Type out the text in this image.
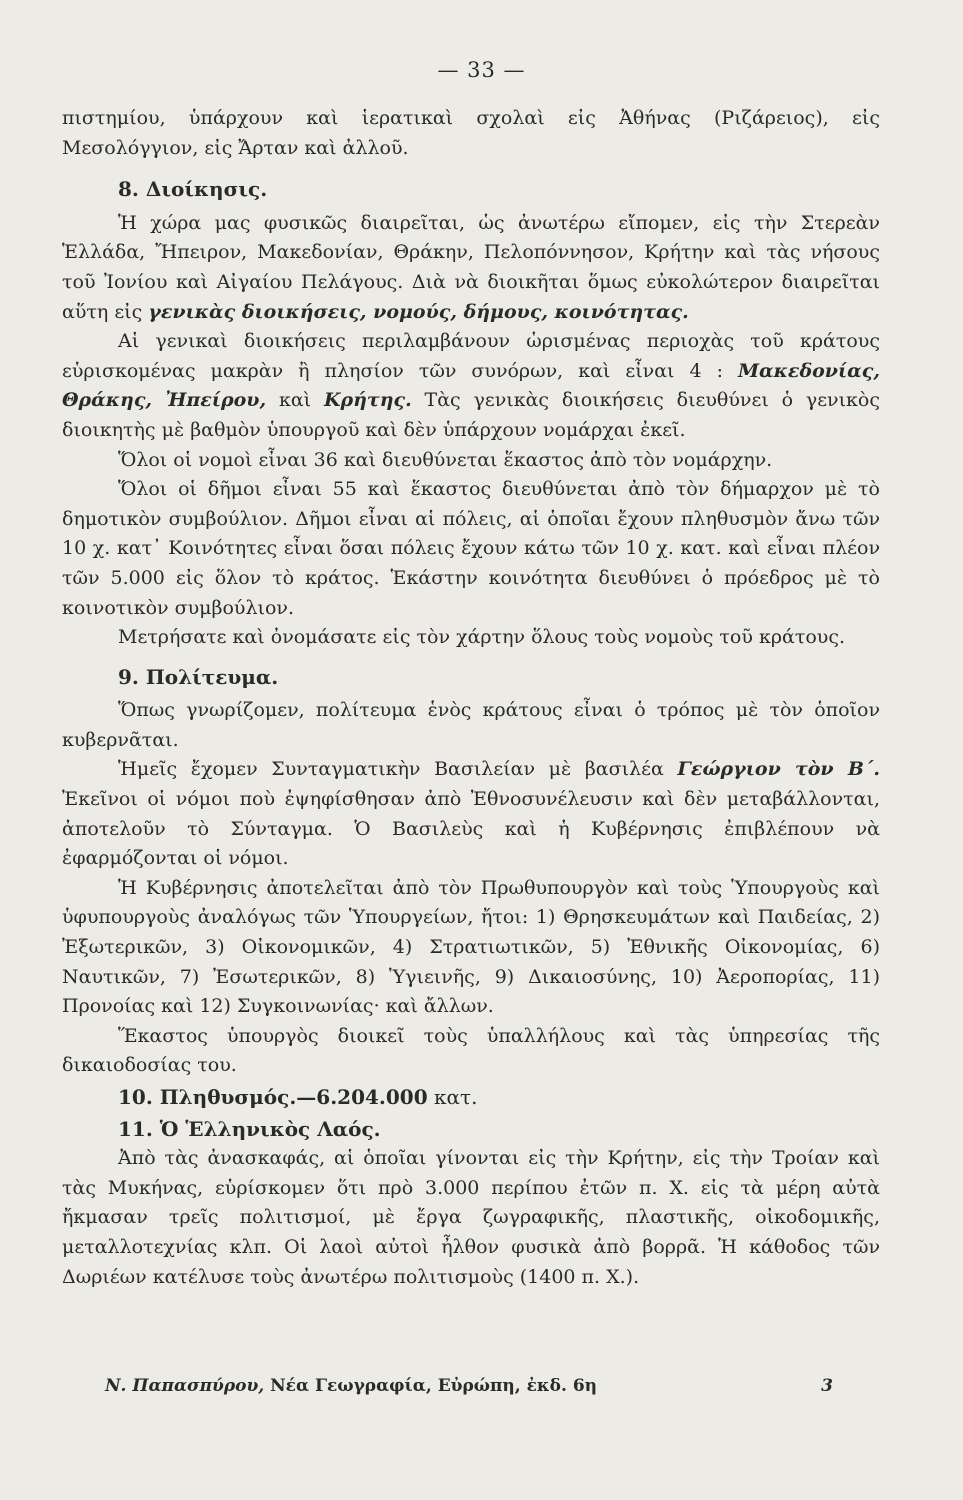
— 33 —

πιστημίου, ὑπάρχουν καὶ ἱερατικαὶ σχολαὶ εἰς Ἀθήνας (Ριζάρειος), εἰς Μεσολόγγιον, εἰς Ἄρταν καὶ ἀλλοῦ.

8. Διοίκησις.

Ἡ χώρα μας φυσικῶς διαιρεῖται, ὡς ἀνωτέρω εἴπομεν, εἰς τὴν Στερεὰν Ἑλλάδα, Ἤπειρον, Μακεδονίαν, Θράκην, Πελοπόννησον, Κρήτην καὶ τὰς νήσους τοῦ Ἰονίου καὶ Αἰγαίου Πελάγους. Διὰ νὰ διοικῆται ὅμως εὐκολώτερον διαιρεῖται αὕτη εἰς γενικὰς διοικήσεις, νομούς, δήμους, κοινότητας.

Αἱ γενικαὶ διοικήσεις περιλαμβάνουν ὡρισμένας περιοχὰς τοῦ κράτους εὑρισκομένας μακρὰν ἢ πλησίον τῶν συνόρων, καὶ εἶναι 4 : Μακεδονίας, Θράκης, Ἠπείρου, καὶ Κρήτης. Τὰς γενικὰς διοικήσεις διευθύνει ὁ γενικὸς διοικητὴς μὲ βαθμὸν ὑπουργοῦ καὶ δὲν ὑπάρχουν νομάρχαι ἐκεῖ.

Ὅλοι οἱ νομοὶ εἶναι 36 καὶ διευθύνεται ἕκαστος ἀπὸ τὸν νομάρχην.

Ὅλοι οἱ δῆμοι εἶναι 55 καὶ ἕκαστος διευθύνεται ἀπὸ τὸν δήμαρχον μὲ τὸ δημοτικὸν συμβούλιον. Δῆμοι εἶναι αἱ πόλεις, αἱ ὁποῖαι ἔχουν πληθυσμὸν ἄνω τῶν 10 χ. κατ᾽ Κοινότητες εἶναι ὅσαι πόλεις ἔχουν κάτω τῶν 10 χ. κατ. καὶ εἶναι πλέον τῶν 5.000 εἰς ὅλον τὸ κράτος. Ἑκάστην κοινότητα διευθύνει ὁ πρόεδρος μὲ τὸ κοινοτικὸν συμβούλιον.

Μετρήσατε καὶ ὀνομάσατε εἰς τὸν χάρτην ὅλους τοὺς νομοὺς τοῦ κράτους.

9. Πολίτευμα.

Ὅπως γνωρίζομεν, πολίτευμα ἑνὸς κράτους εἶναι ὁ τρόπος μὲ τὸν ὁποῖον κυβερνᾶται.

Ἡμεῖς ἔχομεν Συνταγματικὴν Βασιλείαν μὲ βασιλέα Γεώργιον τὸν Β΄. Ἐκεῖνοι οἱ νόμοι ποὺ ἐψηφίσθησαν ἀπὸ Ἐθνοσυνέλευσιν καὶ δὲν μεταβάλλονται, ἀποτελοῦν τὸ Σύνταγμα. Ὁ Βασιλεὺς καὶ ἡ Κυβέρνησις ἐπιβλέπουν νὰ ἐφαρμόζονται οἱ νόμοι.

Ἡ Κυβέρνησις ἀποτελεῖται ἀπὸ τὸν Πρωθυπουργὸν καὶ τοὺς Ὑπουργοὺς καὶ ὑφυπουργοὺς ἀναλόγως τῶν Ὑπουργείων, ἤτοι: 1) Θρησκευμάτων καὶ Παιδείας, 2) Ἐξωτερικῶν, 3) Οἰκονομικῶν, 4) Στρατιωτικῶν, 5) Ἐθνικῆς Οἰκονομίας, 6) Ναυτικῶν, 7) Ἐσωτερικῶν, 8) Ὑγιεινῆς, 9) Δικαιοσύνης, 10) Ἀεροπορίας, 11) Προνοίας καὶ 12) Συγκοινωνίας· καὶ ἄλλων.

Ἕκαστος ὑπουργὸς διοικεῖ τοὺς ὑπαλλήλους καὶ τὰς ὑπηρεσίας τῆς δικαιοδοσίας του.

10. Πληθυσμός.—6.204.000 κατ.

11. Ὁ Ἑλληνικὸς Λαός.

Ἀπὸ τὰς ἀνασκαφάς, αἱ ὁποῖαι γίνονται εἰς τὴν Κρήτην, εἰς τὴν Τροίαν καὶ τὰς Μυκήνας, εὑρίσκομεν ὅτι πρὸ 3.000 περίπου ἐτῶν π. Χ. εἰς τὰ μέρη αὐτὰ ἤκμασαν τρεῖς πολιτισμοί, μὲ ἔργα ζωγραφικῆς, πλαστικῆς, οἰκοδομικῆς, μεταλλοτεχνίας κλπ. Οἱ λαοὶ αὐτοὶ ἦλθον φυσικὰ ἀπὸ βορρᾶ. Ἡ κάθοδος τῶν Δωριέων κατέλυσε τοὺς ἀνωτέρω πολιτισμοὺς (1400 π. Χ.).

Ν. Παπασπύρου, Νέα Γεωγραφία, Εὐρώπη, ἐκδ. 6η	3
